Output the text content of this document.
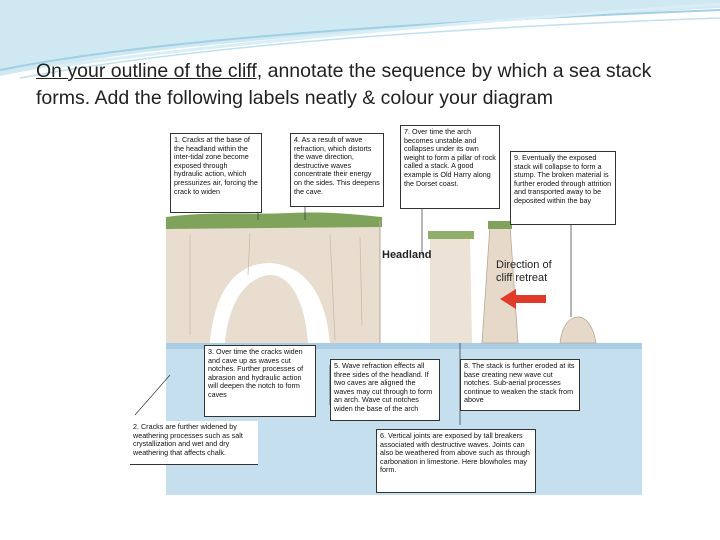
On your outline of the cliff, annotate the sequence by which a sea stack forms. Add the following labels neatly & colour your diagram
Headland
Direction of cliff retreat
1. Cracks at the base of the headland within the inter-tidal zone become exposed through hydraulic action, which pressurizes air, forcing the crack to widen
4. As a result of wave refraction, which distorts the wave direction, destructive waves concentrate their energy on the sides. This deepens the cave.
7. Over time the arch becomes unstable and collapses under its own weight to form a pillar of rock called a stack. A good example is Old Harry along the Dorset coast.
9. Eventually the exposed stack will collapse to form a stump. The broken material is further eroded through attrition and transported away to be deposited within the bay
3. Over time the cracks widen and cave up as waves cut notches. Further processes of abrasion and hydraulic action will deepen the notch to form caves
5. Wave refraction effects all three sides of the headland. If two caves are aligned the waves may cut through to form an arch. Wave cut notches widen the base of the arch
8. The stack is further eroded at its base creating new wave cut notches. Sub-aerial processes continue to weaken the stack from above
2. Cracks are further widened by weathering processes such as salt crystallization and wet and dry weathering that affects chalk.
6. Vertical joints are exposed by tall breakers associated with destructive waves. Joints can also be weathered from above such as through carbonation in limestone. Here blowholes may form.
